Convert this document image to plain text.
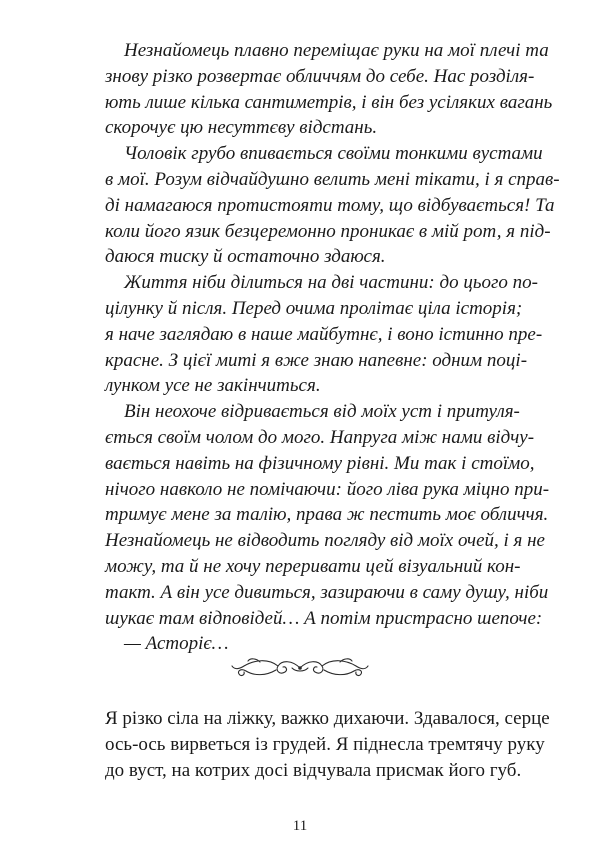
Незнайомець плавно переміщає руки на мої плечі та
знову різко розвертає обличчям до себе. Нас розділя-
ють лише кілька сантиметрів, і він без усіляких вагань
скорочує цю несуттєву відстань.
Чоловік грубо впивається своїми тонкими вустами
в мої. Розум відчайдушно велить мені тікати, і я справ-
ді намагаюся протистояти тому, що відбувається! Та
коли його язик безцеремонно проникає в мій рот, я під-
даюся тиску й остаточно здаюся.
Життя ніби ділиться на дві частини: до цього по-
цілунку й після. Перед очима пролітає ціла історія;
я наче заглядаю в наше майбутнє, і воно істинно пре-
красне. З цієї миті я вже знаю напевне: одним поці-
лунком усе не закінчиться.
Він неохоче відривається від моїх уст і притуля-
ється своїм чолом до мого. Напруга між нами відчу-
вається навіть на фізичному рівні. Ми так і стоїмо,
нічого навколо не помічаючи: його ліва рука міцно при-
тримує мене за талію, права ж пестить моє обличчя.
Незнайомець не відводить погляду від моїх очей, і я не
можу, та й не хочу переривати цей візуальний кон-
такт. А він усе дивиться, зазираючи в саму душу, ніби
шукає там відповідей… А потім пристрасно шепоче:
— Асторіє…
Я різко сіла на ліжку, важко дихаючи. Здавалося, серце
ось-ось вирветься із грудей. Я піднесла тремтячу руку
до вуст, на котрих досі відчувала присмак його губ.
11
